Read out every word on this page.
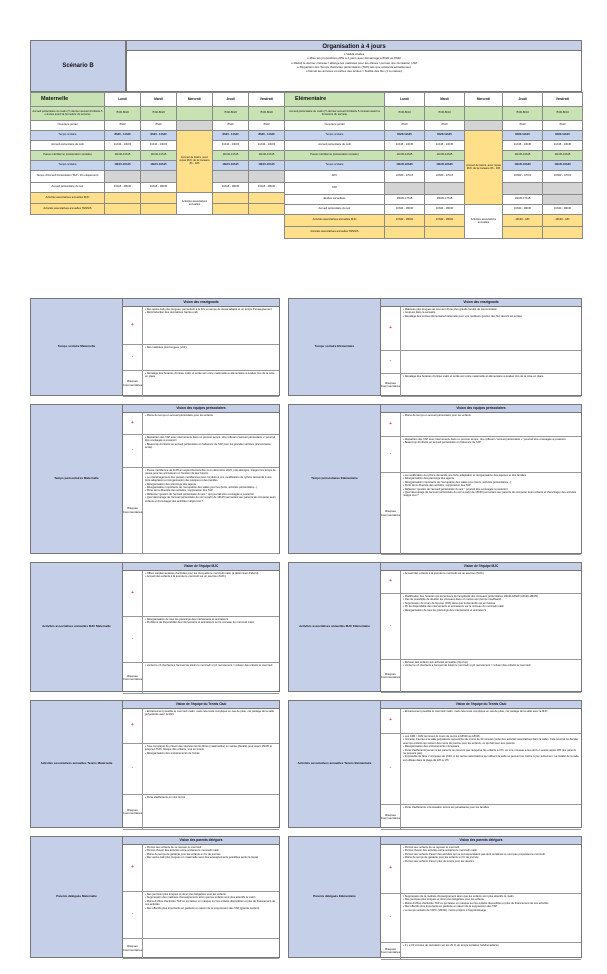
Scénario B
Organisation à 4 jours
o Validé études
o Mise les propositions APE à 4 jours avec démarrage à 8h20 ou 8h30
o Réduit le dernier créneau / allonge les matinées pour les élèves / permet une récréation / AM
o Disparition des Temps d'activités périscolaires (TAP) tels que existants actuellement
o Dénuit les arrivées et sorties des écoles = fluidité des flux (1 à maison)
Maternelle	Lundi	Mardi	Mercredi	Jeudi	Vendredi
Accueil périscolaire du matin (½ dernier accueil d'enfants 5 minutes avant la fermeture du service)	7h30-8h20	7h30-8h20		7h30-8h20	7h30-8h20
Ouverture portail	8h20	8h20		8h20	8h20
Temps scolaire	8h30 - 11h40	8h30 - 11h40	Accueil de loisirs, avec repas MJC de la Guisane 8h - 18h	8h30 - 11h40	8h30 - 11h40
Accueil périscolaire du midi	11h40 - 13h15	11h40 - 13h15		11h40 - 13h15	11h40 - 13h15
Pause méridienne (restauration scolaire)	11h40-13h15	11h40-13h15		11h40-13h15	11h40-13h15
Temps scolaire	13h15-16h15	13h15-16h15		13h15-16h15	13h15-16h15
Temps d'Accueil Périscolaire (TAP - 16 uniquement)					
Accueil périscolaire du soir	16h15 - 18h30	16h15 - 18h30		16h15 - 18h30	16h15 - 18h30
Activités associatives annuelles MJC			Activités associatives annuelles		
Activités associatives annuelles TENNIS					
Elémentaire	Lundi	Mardi	Mercredi	Jeudi	Vendredi
Accueil périscolaire du matin (½ dernier accueil d'enfants 5 minutes avant la fermeture du service)	7h30-8h10	7h30-8h10		7h30-8h10	7h30-8h10
Ouverture portail	8h10	8h10		8h10	8h10
Temps scolaire	8h20-11h45	8h20-11h45	Accueil de loisirs, avec repas MJC de la Guisane 8h - 18h	8h20-11h45	8h20-11h45
Accueil périscolaire du midi	11h45 - 13h45	11h45 - 13h45		11h45 - 13h45	11h45 - 13h45
Pause méridienne (restauration scolaire)	11h45-13h45	11h45-13h45		11h45-13h45	11h45-13h45
Temps scolaire	13h45-16h30	13h45-16h30		13h45-16h30	13h45-16h30
APC	16h30 - 17h15	16h30 - 17h15		16h30 - 17h15	16h30 - 17h15
TAP					
Etudes surveillées	16h30-17h15	16h30-17h15		16h30-17h15	
Accueil périscolaire du soir	16h30 - 18h30	16h30 - 18h30	Activités associatives annuelles	16h30 - 18h30	16h30 - 18h30
Activités associatives annuelles MJC	16h30 - 18h00	16h30 - 18h00		16h30 - 18h	16h30 - 18h
Activités associatives annuelles TENNIS					
Temps scolaire Maternelle
Vision des enseignants
+
▪ Des après-midi plus longues, permettant à la fois un temps de sieste adapté et un temps d'enseignement.
▪ Réintroduction des récréations l'après-midi
-
▪ Des matinées plus longues (+10')
Risques Commentaires
▪ Décalage des horaires d'entrée matin et sortie soir entre maternelle et élémentaire à évaluer lors de la mise en place
Temps scolaire Elémentaire
Vision des enseignants
+
▪ Matinées plus longues au moment d'une plus grande faculté de concentration.
▪ Coupure dans la semaine
▪ Décalage des sorties élémentaire/maternelle pour une meilleure gestion des flux devant les écoles
-
Risques Commentaires
▪ Décalage des horaires d'entrée matin et sortie soir entre maternelle et élémentaire à évaluer lors de la mise en place
Temps périscolaires Maternelle
Vision des équipes périscolaires
+
▪ Moins de temps en accueil périscolaire pour les enfants
-
▪ Disparition des TAP avec intervenants dans un premier temps. Une réflexion "accueil périscolaire +" pourrait être envisagée à posteriori
▪ Beaucoup d'enfants en accueil périscolaire en l'absence de TAP pour les grandes sections (transmission école)
Risques Commentaires
▪ Pause méridienne de 1h35 en septembre/octobre et en décembre 2023, puis allongée, intégrer les temps de pause pour les animateurs en fonction de leur besoin
▪ Le réaménagement des pauses méridiennes peut conduire à une modification du rythme demandé à une forte adaptation et réorganisation des équipes et des familles
▪ Réorganisation des plannings des agents
▪ Réorganisation importante de l'occupation des salles pour les (tenis, activités périscolaires...)
▪ Perte de la diversité des activités, suppression des TAP
▪ Réflexion "gestion de l'accueil périscolaire du soir " qui pourrait être envisagée à posteriori
▪ Quel découpage de l'accueil périscolaire du soir à partir de 16h15 permettant aux parents de récupérer leurs enfants et d'envisager des activités malgré tout ?
Temps périscolaires Elémentaire
Vision des équipes périscolaires
+
▪ Moins de temps en accueil périscolaire pour les enfants
-
▪ Disparition des TAP avec intervenants dans un premier temps. Une réflexion "accueil périscolaire +" pourrait être envisagée à posteriori
▪ Beaucoup d'enfants en accueil périscolaire en l'absence de TAP
Risques Commentaires
▪ La modification du rythme demandé une forte adaptation et réorganisation des équipes et des familles
▪ Réorganisation des plannings des agents
▪ Réorganisation importante de l'occupation des salles pour (tenis, activités périscolaires...)
▪ Perte de la diversité des activités, suppression des TAP
▪ Réflexion "gestion de l'accueil périscolaire du soir " pourrait être envisagée à posteriori
▪ Quel découpage de l'accueil périscolaire du soir à partir de 16h30 permettant aux parents de récupérer leurs enfants et d'envisager des activités malgré tout ?
Activités associatives annuelles MJC Maternelle
Vision de l'équipe MJC
+
▪ Offres supplémentaires d'activités pour les tout-petits le mercredi matin (à déterminer d'abord)
▪ Accueil des enfants à la journée le mercredi sur un seul lieu (MJC)
-
▪ Réorganisation de tous les plannings des intervenants et animateurs
▪ Problème de disponibilité des intervenants et animateurs sur le créneau du mercredi matin
Risques Commentaires
▪ Limiter le nb d'enfants à l'accueil de loisirs le mercredi si pb recrutement = refuser des enfants le mercredi
Activités associatives annuelles MJC Elémentaire
Vision de l'équipe MJC
+
▪ Accueil des enfants à la journée le mercredi sur un seul lieu (MJC)
-
▪ Modification des horaires qui accentuera de l'amplitude des créneaux périscolaires 16h30-18h00 (16h30-18h45)
▪ Pas de possibilité de doubler les créneaux dans un même soir (temps insuffisant)
▪ Suppression du cours de hip-hop (16h) dans que le demande est en hausse
▪ Pb de disponibilité des intervenants et animateurs sur le créneau du mercredi matin
▪ Réorganisation de tous les plannings des intervenants et animateurs
Risques Commentaires
▪ Refuser des enfants aux activités annuelles (hip-hop)
▪ Limiter le nb d'enfants à l'accueil de loisirs le mercredi si pb recrutement = refuser des enfants le mercredi
Activités associatives annuelles Tennis Maternelle
Vision de l'équipe du Tennis Club
+
▪ Entrainement possible le mercredi matin, mais cela reste compliqué en cas de pluie, car partage de la salle polyvalente avec la MJC
-
▪ Très compliqué de prévoir des séances tennis libres (maternelles) en soirée (décalé) pour avant 16h45 et jusqu'à 17h45. Risque des enfants, tout en tennis
▪ Réorganisation des entrainements de l'école
Risques Commentaires
▪ Perte d'adhérents en mini tennis
Activités associatives annuelles Tennis Elémentaire
Vision de l'équipe du Tennis Club
+
▪ Entrainement possible le mercredi matin, mais cela reste compliqué en cas de pluie, car partage de la salle avec la MJC
-
▪ Les CM1 / CM2 terminent le cours de tennis à 18h30 au 18h45.
▪ Créneau d'accès à la salle polyvalente aujourd'hui de moins de 30 minutes (suite des activités associatives dans la salle). Cela pourrait se décaler avec les enfants qui sortent des cours de piscine pour les enfants, ce qui fait peur aux parents
▪ Réorganisation des entrainements nécessaire
▪ Perte d'adhérents jeunes si les parents ne peuvent pas récupérer les enfants à 17h, ou si le créneau a lieu tard en soirée après 18h (les parents ne peuvent pas)
▪ Impossible de faire 2 créneaux de 1h30, si les autres associations qui utilisent la salle ne peuvent se mettre à jour autrement. La totalité de la salle est utilisée dans la plage de 18h à 17h
Risques Commentaires
▪ Perte d'adhérents si la situation tennis est pénalisante pour les familles
Parents délégués Maternelle
Vision des parents délégués
+
▪ Permet aux enfants de se reposer le mercredi
▪ Permet d'avoir des activités extra-scolaires le mercredi matin
▪ Moins de temps de garderie pour les enfants en fin de journée
▪ Des après-midi plus longues en maternelle avec des enseignements possibles après la sieste
-
▪ Des journées plus longues et donc plus fatigantes pour les enfants
▪ Suppression des matinées d'enseignement alors que les enfants sont plus attentifs le matin
▪ Moins d'offres d'activités TAP ce qui laisse un manque sur les enfants disponibles et plus de financement de ces activités
▪ Des effectifs plus importants en garderie en raison de la suppression des TAP (grande section)
Risques Commentaires
Parents délégués Elémentaire
Vision des parents délégués
+
▪ Permet aux enfants de se reposer le mercredi
▪ Permet d'avoir des activités extra-scolaires le mercredi matin
▪ Permet aux enfants d'avoir des activités qui ne correspondaient pas dont certaines ne sont pas proposées le mercredi
▪ Moins de temps de garderie pour les enfants en fin de journée
▪ Permet aux enfants d'avoir plus de temps pour les devoirs
-
▪ Suppression de la matinée d'enseignement alors que les enfants sont plus attentifs le matin
▪ Des journées plus longues et donc plus fatigantes pour les enfants
▪ Moins d'offres d'activités TAP ce qui laisse un manque sur les enfants disponibles et plus de financement de ces activités
▪ Des effectifs plus importants en garderie en raison de la suppression des TAP
▪ Le temps scolaire de l'APC (16h30), moins propice à l'apprentissage
Risques Commentaires
▪ Il y a 15 minutes de récréation sur les 20 % de temps scolaires hebdomadaires
